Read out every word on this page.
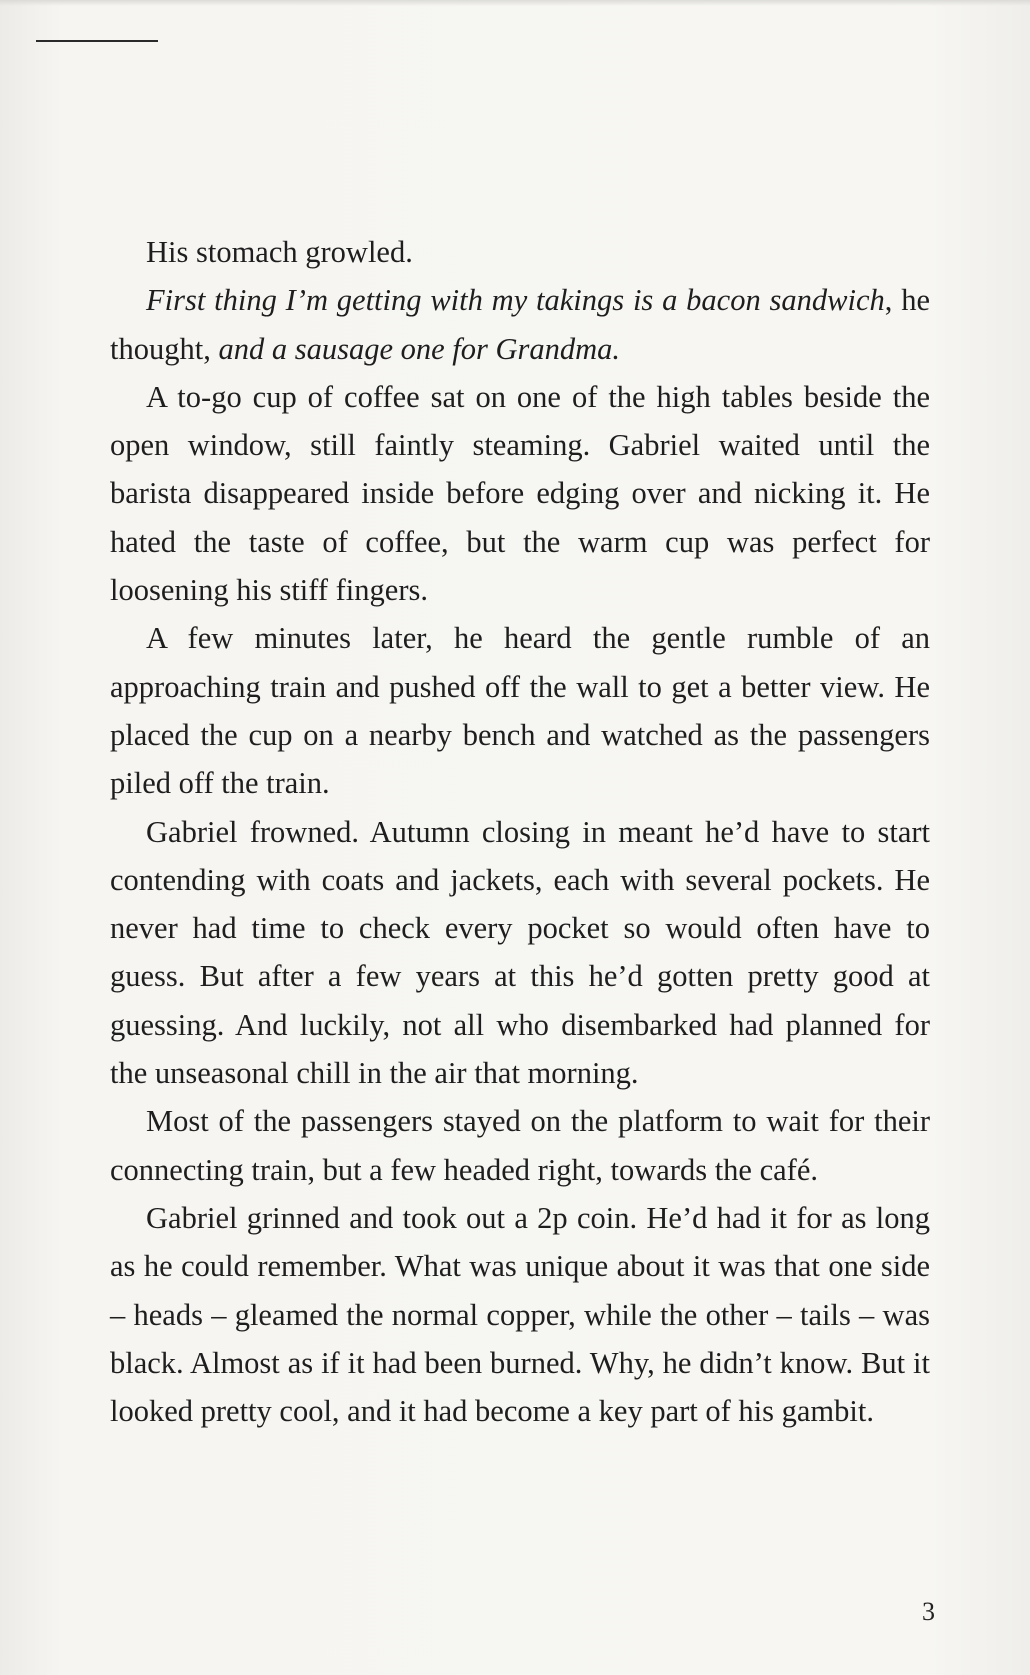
His stomach growled.

First thing I’m getting with my takings is a bacon sandwich, he thought, and a sausage one for Grandma.

A to-go cup of coffee sat on one of the high tables beside the open window, still faintly steaming. Gabriel waited until the barista disappeared inside before edging over and nicking it. He hated the taste of coffee, but the warm cup was perfect for loosening his stiff fingers.

A few minutes later, he heard the gentle rumble of an approaching train and pushed off the wall to get a better view. He placed the cup on a nearby bench and watched as the passengers piled off the train.

Gabriel frowned. Autumn closing in meant he’d have to start contending with coats and jackets, each with several pockets. He never had time to check every pocket so would often have to guess. But after a few years at this he’d gotten pretty good at guessing. And luckily, not all who disembarked had planned for the unseasonal chill in the air that morning.

Most of the passengers stayed on the platform to wait for their connecting train, but a few headed right, towards the café.

Gabriel grinned and took out a 2p coin. He’d had it for as long as he could remember. What was unique about it was that one side – heads – gleamed the normal copper, while the other – tails – was black. Almost as if it had been burned. Why, he didn’t know. But it looked pretty cool, and it had become a key part of his gambit.

3
